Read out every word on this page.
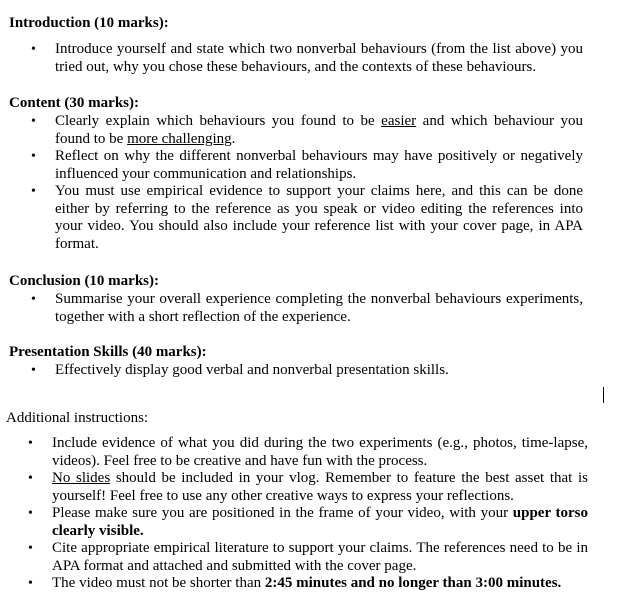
Introduction (10 marks):
• Introduce yourself and state which two nonverbal behaviours (from the list above) you tried out, why you chose these behaviours, and the contexts of these behaviours.
Content (30 marks):
• Clearly explain which behaviours you found to be easier and which behaviour you found to be more challenging.
• Reflect on why the different nonverbal behaviours may have positively or negatively influenced your communication and relationships.
• You must use empirical evidence to support your claims here, and this can be done either by referring to the reference as you speak or video editing the references into your video. You should also include your reference list with your cover page, in APA format.
Conclusion (10 marks):
• Summarise your overall experience completing the nonverbal behaviours experiments, together with a short reflection of the experience.
Presentation Skills (40 marks):
• Effectively display good verbal and nonverbal presentation skills.
Additional instructions:
• Include evidence of what you did during the two experiments (e.g., photos, time-lapse, videos). Feel free to be creative and have fun with the process.
• No slides should be included in your vlog. Remember to feature the best asset that is yourself! Feel free to use any other creative ways to express your reflections.
• Please make sure you are positioned in the frame of your video, with your upper torso clearly visible.
• Cite appropriate empirical literature to support your claims. The references need to be in APA format and attached and submitted with the cover page.
• The video must not be shorter than 2:45 minutes and no longer than 3:00 minutes.
